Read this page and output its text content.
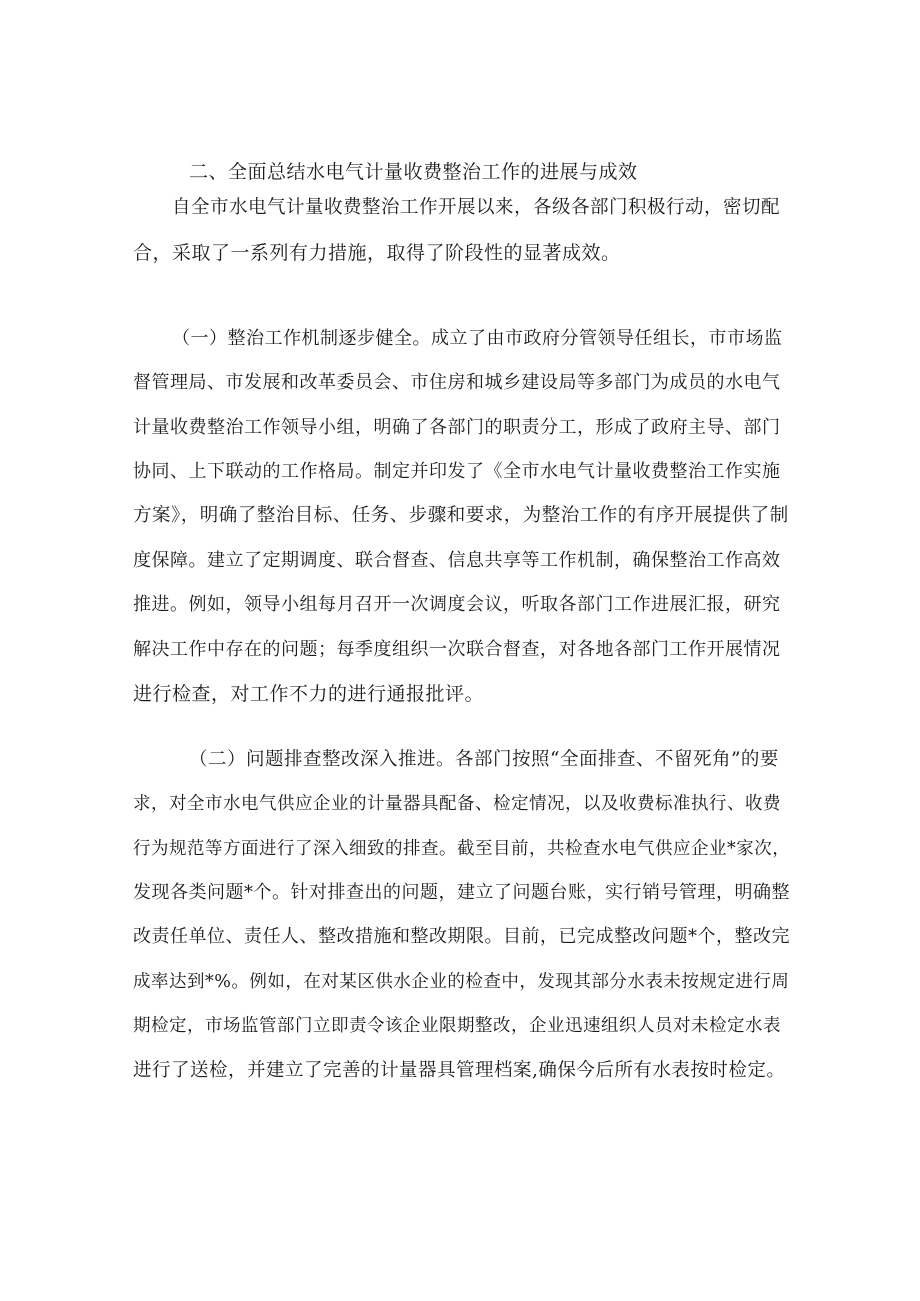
二、全面总结水电气计量收费整治工作的进展与成效
自全市水电气计量收费整治工作开展以来，各级各部门积极行动，密切配
合，采取了一系列有力措施，取得了阶段性的显著成效。
（一）整治工作机制逐步健全。成立了由市政府分管领导任组长，市市场监
督管理局、市发展和改革委员会、市住房和城乡建设局等多部门为成员的水电气
计量收费整治工作领导小组，明确了各部门的职责分工，形成了政府主导、部门
协同、上下联动的工作格局。制定并印发了《全市水电气计量收费整治工作实施
方案》，明确了整治目标、任务、步骤和要求，为整治工作的有序开展提供了制
度保障。建立了定期调度、联合督查、信息共享等工作机制，确保整治工作高效
推进。例如，领导小组每月召开一次调度会议，听取各部门工作进展汇报，研究
解决工作中存在的问题；每季度组织一次联合督查，对各地各部门工作开展情况
进行检查，对工作不力的进行通报批评。
（二）问题排查整改深入推进。各部门按照“全面排查、不留死角”的要
求，对全市水电气供应企业的计量器具配备、检定情况，以及收费标准执行、收费
行为规范等方面进行了深入细致的排查。截至目前，共检查水电气供应企业*家次，
发现各类问题*个。针对排查出的问题，建立了问题台账，实行销号管理，明确整
改责任单位、责任人、整改措施和整改期限。目前，已完成整改问题*个，整改完
成率达到*%。例如，在对某区供水企业的检查中，发现其部分水表未按规定进行周
期检定，市场监管部门立即责令该企业限期整改，企业迅速组织人员对未检定水表
进行了送检，并建立了完善的计量器具管理档案,确保今后所有水表按时检定。
